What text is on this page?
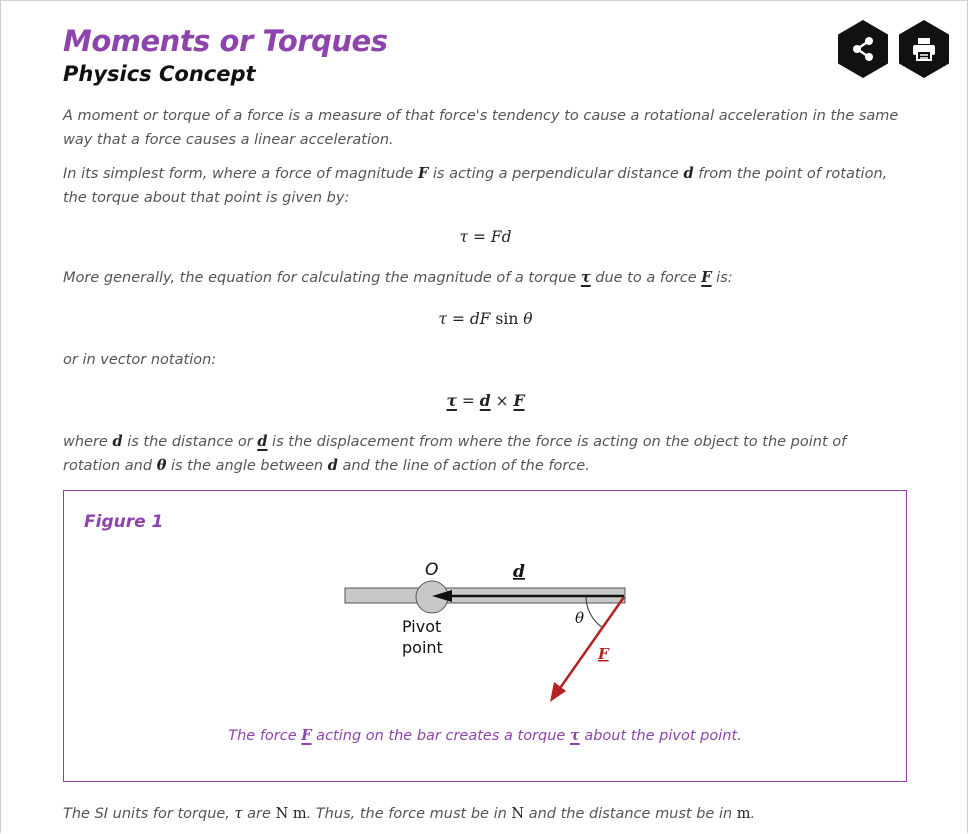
Moments or Torques
Physics Concept

A moment or torque of a force is a measure of that force's tendency to cause a rotational acceleration in the same way that a force causes a linear acceleration.

In its simplest form, where a force of magnitude F is acting a perpendicular distance d from the point of rotation, the torque about that point is given by:

τ = Fd

More generally, the equation for calculating the magnitude of a torque τ due to a force F is:

τ = dF sin θ

or in vector notation:

τ = d × F

where d is the distance or d is the displacement from where the force is acting on the object to the point of rotation and θ is the angle between d and the line of action of the force.

Figure 1
O	d
θ
Pivot
point	F
The force F acting on the bar creates a torque τ about the pivot point.

The SI units for torque, τ are N m. Thus, the force must be in N and the distance must be in m.
